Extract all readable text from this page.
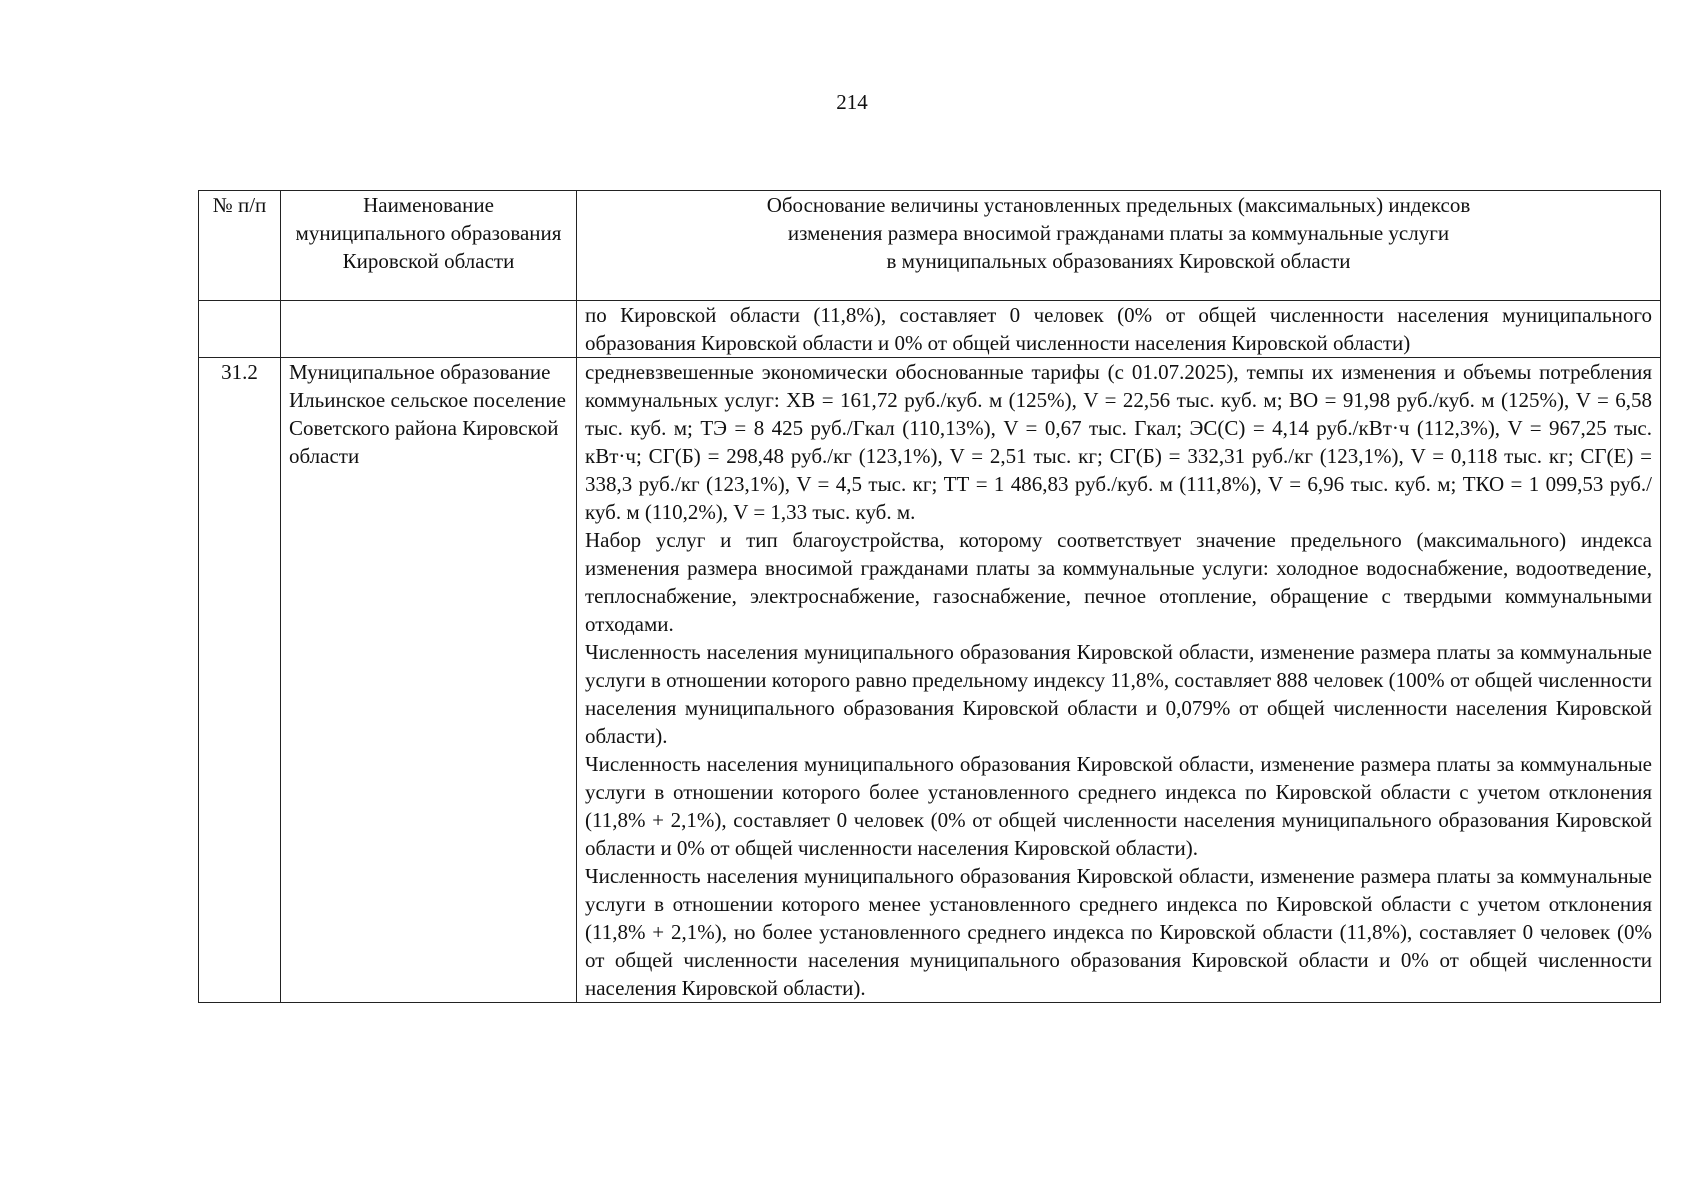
214
№ п/п	Наименование муниципального образования Кировской области	Обоснование величины установленных предельных (максимальных) индексов
изменения размера вносимой гражданами платы за коммунальные услуги
в муниципальных образованиях Кировской области

		по Кировской области (11,8%), составляет 0 человек (0% от общей численности населения муниципального образования Кировской области и 0% от общей численности населения Кировской области)

31.2	Муниципальное образование Ильинское сельское поселение Советского района Кировской области	средневзвешенные экономически обоснованные тарифы (с 01.07.2025), темпы их изменения и объемы потребления коммунальных услуг: ХВ = 161,72 руб./куб. м (125%), V = 22,56 тыс. куб. м; ВО = 91,98 руб./куб. м (125%), V = 6,58 тыс. куб. м; ТЭ = 8 425 руб./Гкал (110,13%), V = 0,67 тыс. Гкал; ЭС(С) = 4,14 руб./кВт·ч (112,3%), V = 967,25 тыс. кВт·ч; СГ(Б) = 298,48 руб./кг (123,1%), V = 2,51 тыс. кг; СГ(Б) = 332,31 руб./кг (123,1%), V = 0,118 тыс. кг; СГ(Е) = 338,3 руб./кг (123,1%), V = 4,5 тыс. кг; ТТ = 1 486,83 руб./куб. м (111,8%), V = 6,96 тыс. куб. м; ТКО = 1 099,53 руб./куб. м (110,2%), V = 1,33 тыс. куб. м.

Набор услуг и тип благоустройства, которому соответствует значение предельного (максимального) индекса изменения размера вносимой гражданами платы за коммунальные услуги: холодное водоснабжение, водоотведение, теплоснабжение, электроснабжение, газоснабжение, печное отопление, обращение с твердыми коммунальными отходами.

Численность населения муниципального образования Кировской области, изменение размера платы за коммунальные услуги в отношении которого равно предельному индексу 11,8%, составляет 888 человек (100% от общей численности населения муниципального образования Кировской области и 0,079% от общей численности населения Кировской области).

Численность населения муниципального образования Кировской области, изменение размера платы за коммунальные услуги в отношении которого более установленного среднего индекса по Кировской области с учетом отклонения (11,8% + 2,1%), составляет 0 человек (0% от общей численности населения муниципального образования Кировской области и 0% от общей численности населения Кировской области).

Численность населения муниципального образования Кировской области, изменение размера платы за коммунальные услуги в отношении которого менее установленного среднего индекса по Кировской области с учетом отклонения (11,8% + 2,1%), но более установленного среднего индекса по Кировской области (11,8%), составляет 0 человек (0% от общей численности населения муниципального образования Кировской области и 0% от общей численности населения Кировской области).
